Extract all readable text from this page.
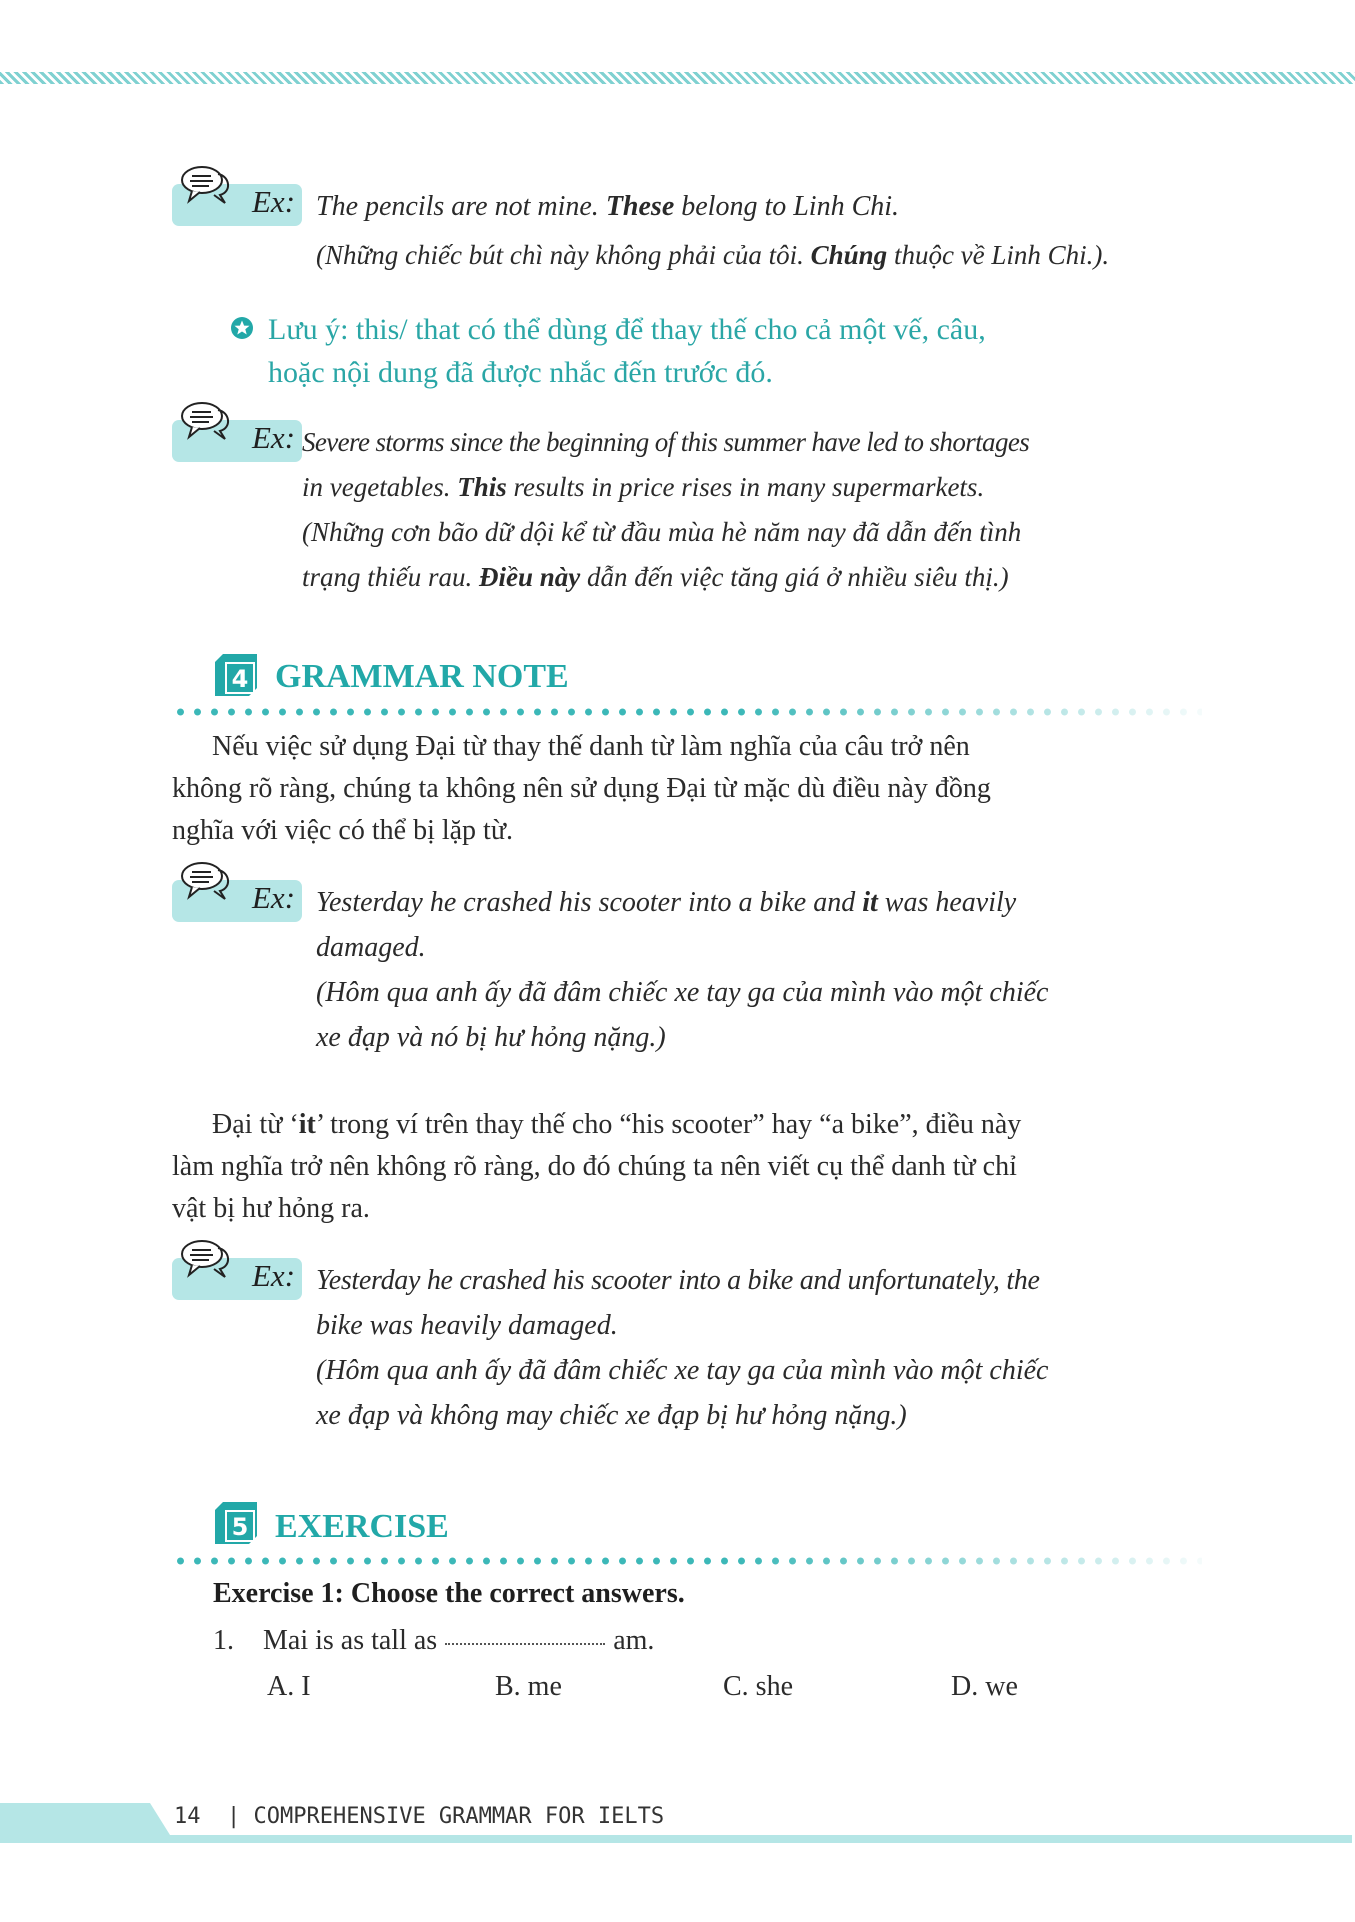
Ex: The pencils are not mine. These belong to Linh Chi.
(Những chiếc bút chì này không phải của tôi. Chúng thuộc về Linh Chi.).
Lưu ý: this/ that có thể dùng để thay thế cho cả một vế, câu,
hoặc nội dung đã được nhắc đến trước đó.
Ex: Severe storms since the beginning of this summer have led to shortages
in vegetables. This results in price rises in many supermarkets.
(Những cơn bão dữ dội kể từ đầu mùa hè năm nay đã dẫn đến tình
trạng thiếu rau. Điều này dẫn đến việc tăng giá ở nhiều siêu thị.)
4 GRAMMAR NOTE
Nếu việc sử dụng Đại từ thay thế danh từ làm nghĩa của câu trở nên
không rõ ràng, chúng ta không nên sử dụng Đại từ mặc dù điều này đồng
nghĩa với việc có thể bị lặp từ.
Ex: Yesterday he crashed his scooter into a bike and it was heavily
damaged.
(Hôm qua anh ấy đã đâm chiếc xe tay ga của mình vào một chiếc
xe đạp và nó bị hư hỏng nặng.)
Đại từ ‘it’ trong ví trên thay thế cho “his scooter” hay “a bike”, điều này
làm nghĩa trở nên không rõ ràng, do đó chúng ta nên viết cụ thể danh từ chỉ
vật bị hư hỏng ra.
Ex: Yesterday he crashed his scooter into a bike and unfortunately, the
bike was heavily damaged.
(Hôm qua anh ấy đã đâm chiếc xe tay ga của mình vào một chiếc
xe đạp và không may chiếc xe đạp bị hư hỏng nặng.)
5 EXERCISE
Exercise 1: Choose the correct answers.
1. Mai is as tall as	am.
A. I	B. me	C. she	D. we
14 | COMPREHENSIVE GRAMMAR FOR IELTS
